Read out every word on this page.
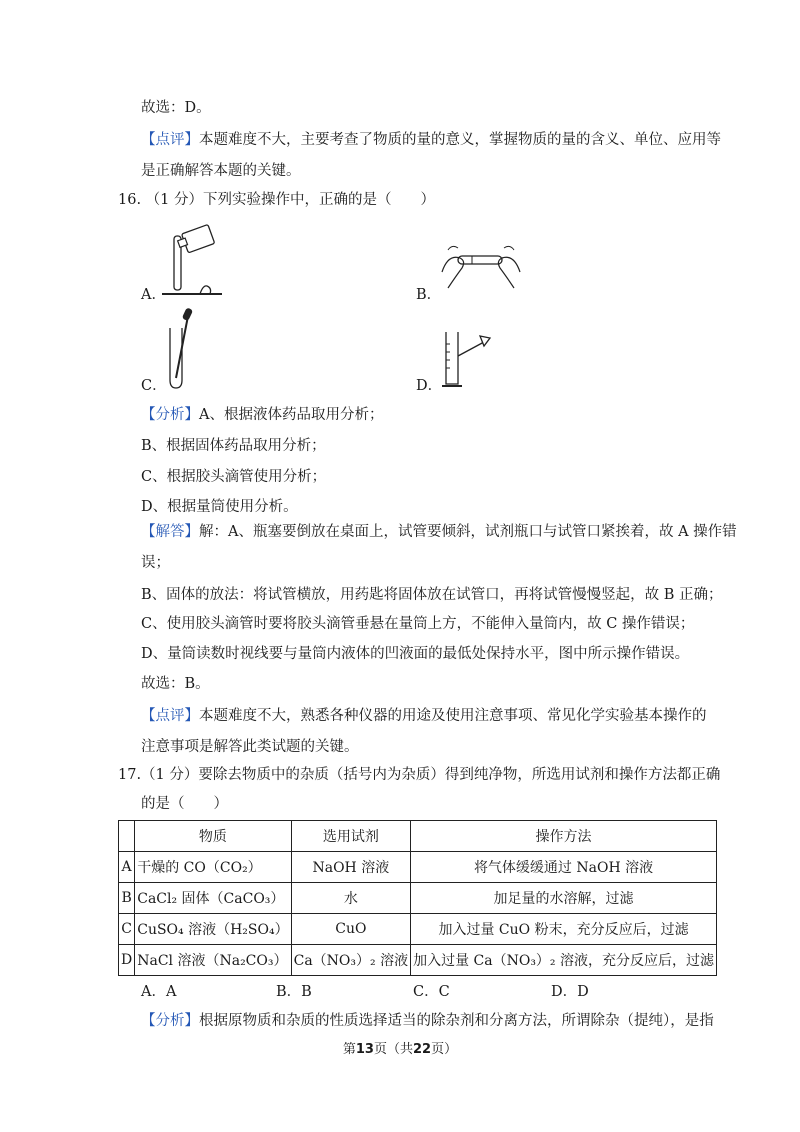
故选：D。
【点评】本题难度不大，主要考查了物质的量的意义，掌握物质的量的含义、单位、应用等
是正确解答本题的关键。
16. （1 分）下列实验操作中，正确的是（　　）
A．	B．
C．	D．
【分析】A、根据液体药品取用分析；
B、根据固体药品取用分析；
C、根据胶头滴管使用分析；
D、根据量筒使用分析。
【解答】解：A、瓶塞要倒放在桌面上，试管要倾斜，试剂瓶口与试管口紧挨着，故 A 操作错
误；
B、固体的放法：将试管横放，用药匙将固体放在试管口，再将试管慢慢竖起，故 B 正确；
C、使用胶头滴管时要将胶头滴管垂悬在量筒上方，不能伸入量筒内，故 C 操作错误；
D、量筒读数时视线要与量筒内液体的凹液面的最低处保持水平，图中所示操作错误。
故选：B。
【点评】本题难度不大，熟悉各种仪器的用途及使用注意事项、常见化学实验基本操作的
注意事项是解答此类试题的关键。
17.（1 分）要除去物质中的杂质（括号内为杂质）得到纯净物，所选用试剂和操作方法都正确
的是（　　）
	物质	选用试剂	操作方法
A	干燥的 CO（CO₂）	NaOH 溶液	将气体缓缓通过 NaOH 溶液
B	CaCl₂ 固体（CaCO₃）	水	加足量的水溶解，过滤
C	CuSO₄ 溶液（H₂SO₄）	CuO	加入过量 CuO 粉末，充分反应后，过滤
D	NaCl 溶液（Na₂CO₃）	Ca（NO₃）₂ 溶液	加入过量 Ca（NO₃）₂ 溶液，充分反应后，过滤
A．A	B．B	C．C	D．D
【分析】根据原物质和杂质的性质选择适当的除杂剂和分离方法，所谓除杂（提纯），是指
第13页（共22页）
